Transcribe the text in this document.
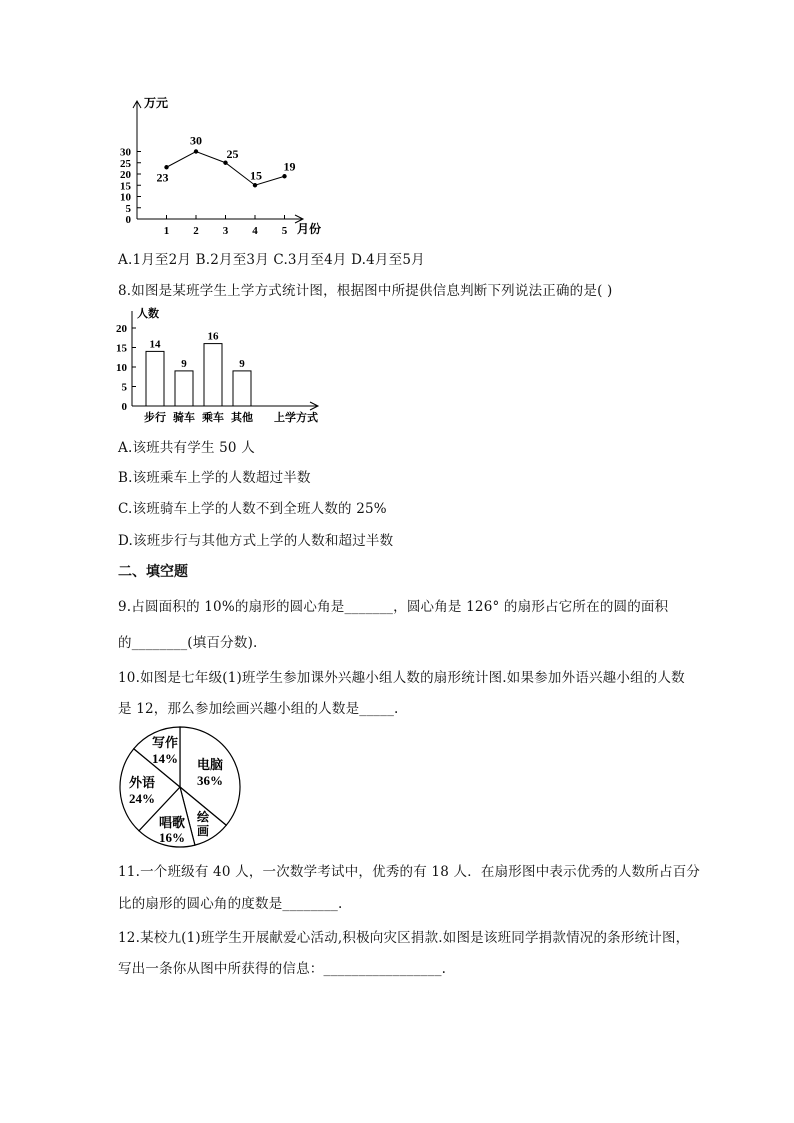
0
5
10
15
20
25
30
1 2 3 4 5
23
30
25
15
19
万元
月份
A.1月至2月 B.2月至3月 C.3月至4月 D.4月至5月
8.如图是某班学生上学方式统计图，根据图中所提供信息判断下列说法正确的是( )
0
5
10
15
20
14
步行
9
骑车
16
乘车
9
其他
人数
上学方式
A.该班共有学生 50 人
B.该班乘车上学的人数超过半数
C.该班骑车上学的人数不到全班人数的 25%
D.该班步行与其他方式上学的人数和超过半数
二、填空题
9.占圆面积的 10%的扇形的圆心角是_______，圆心角是 126° 的扇形占它所在的圆的面积
的________(填百分数).
10.如图是七年级(1)班学生参加课外兴趣小组人数的扇形统计图.如果参加外语兴趣小组的人数
是 12，那么参加绘画兴趣小组的人数是_____.
电脑
36%
绘
画
唱歌
16%
外语
24%
写作
14%
11.一个班级有 40 人，一次数学考试中，优秀的有 18 人．在扇形图中表示优秀的人数所占百分
比的扇形的圆心角的度数是________.
12.某校九(1)班学生开展献爱心活动,积极向灾区捐款.如图是该班同学捐款情况的条形统计图，
写出一条你从图中所获得的信息：_________________.
